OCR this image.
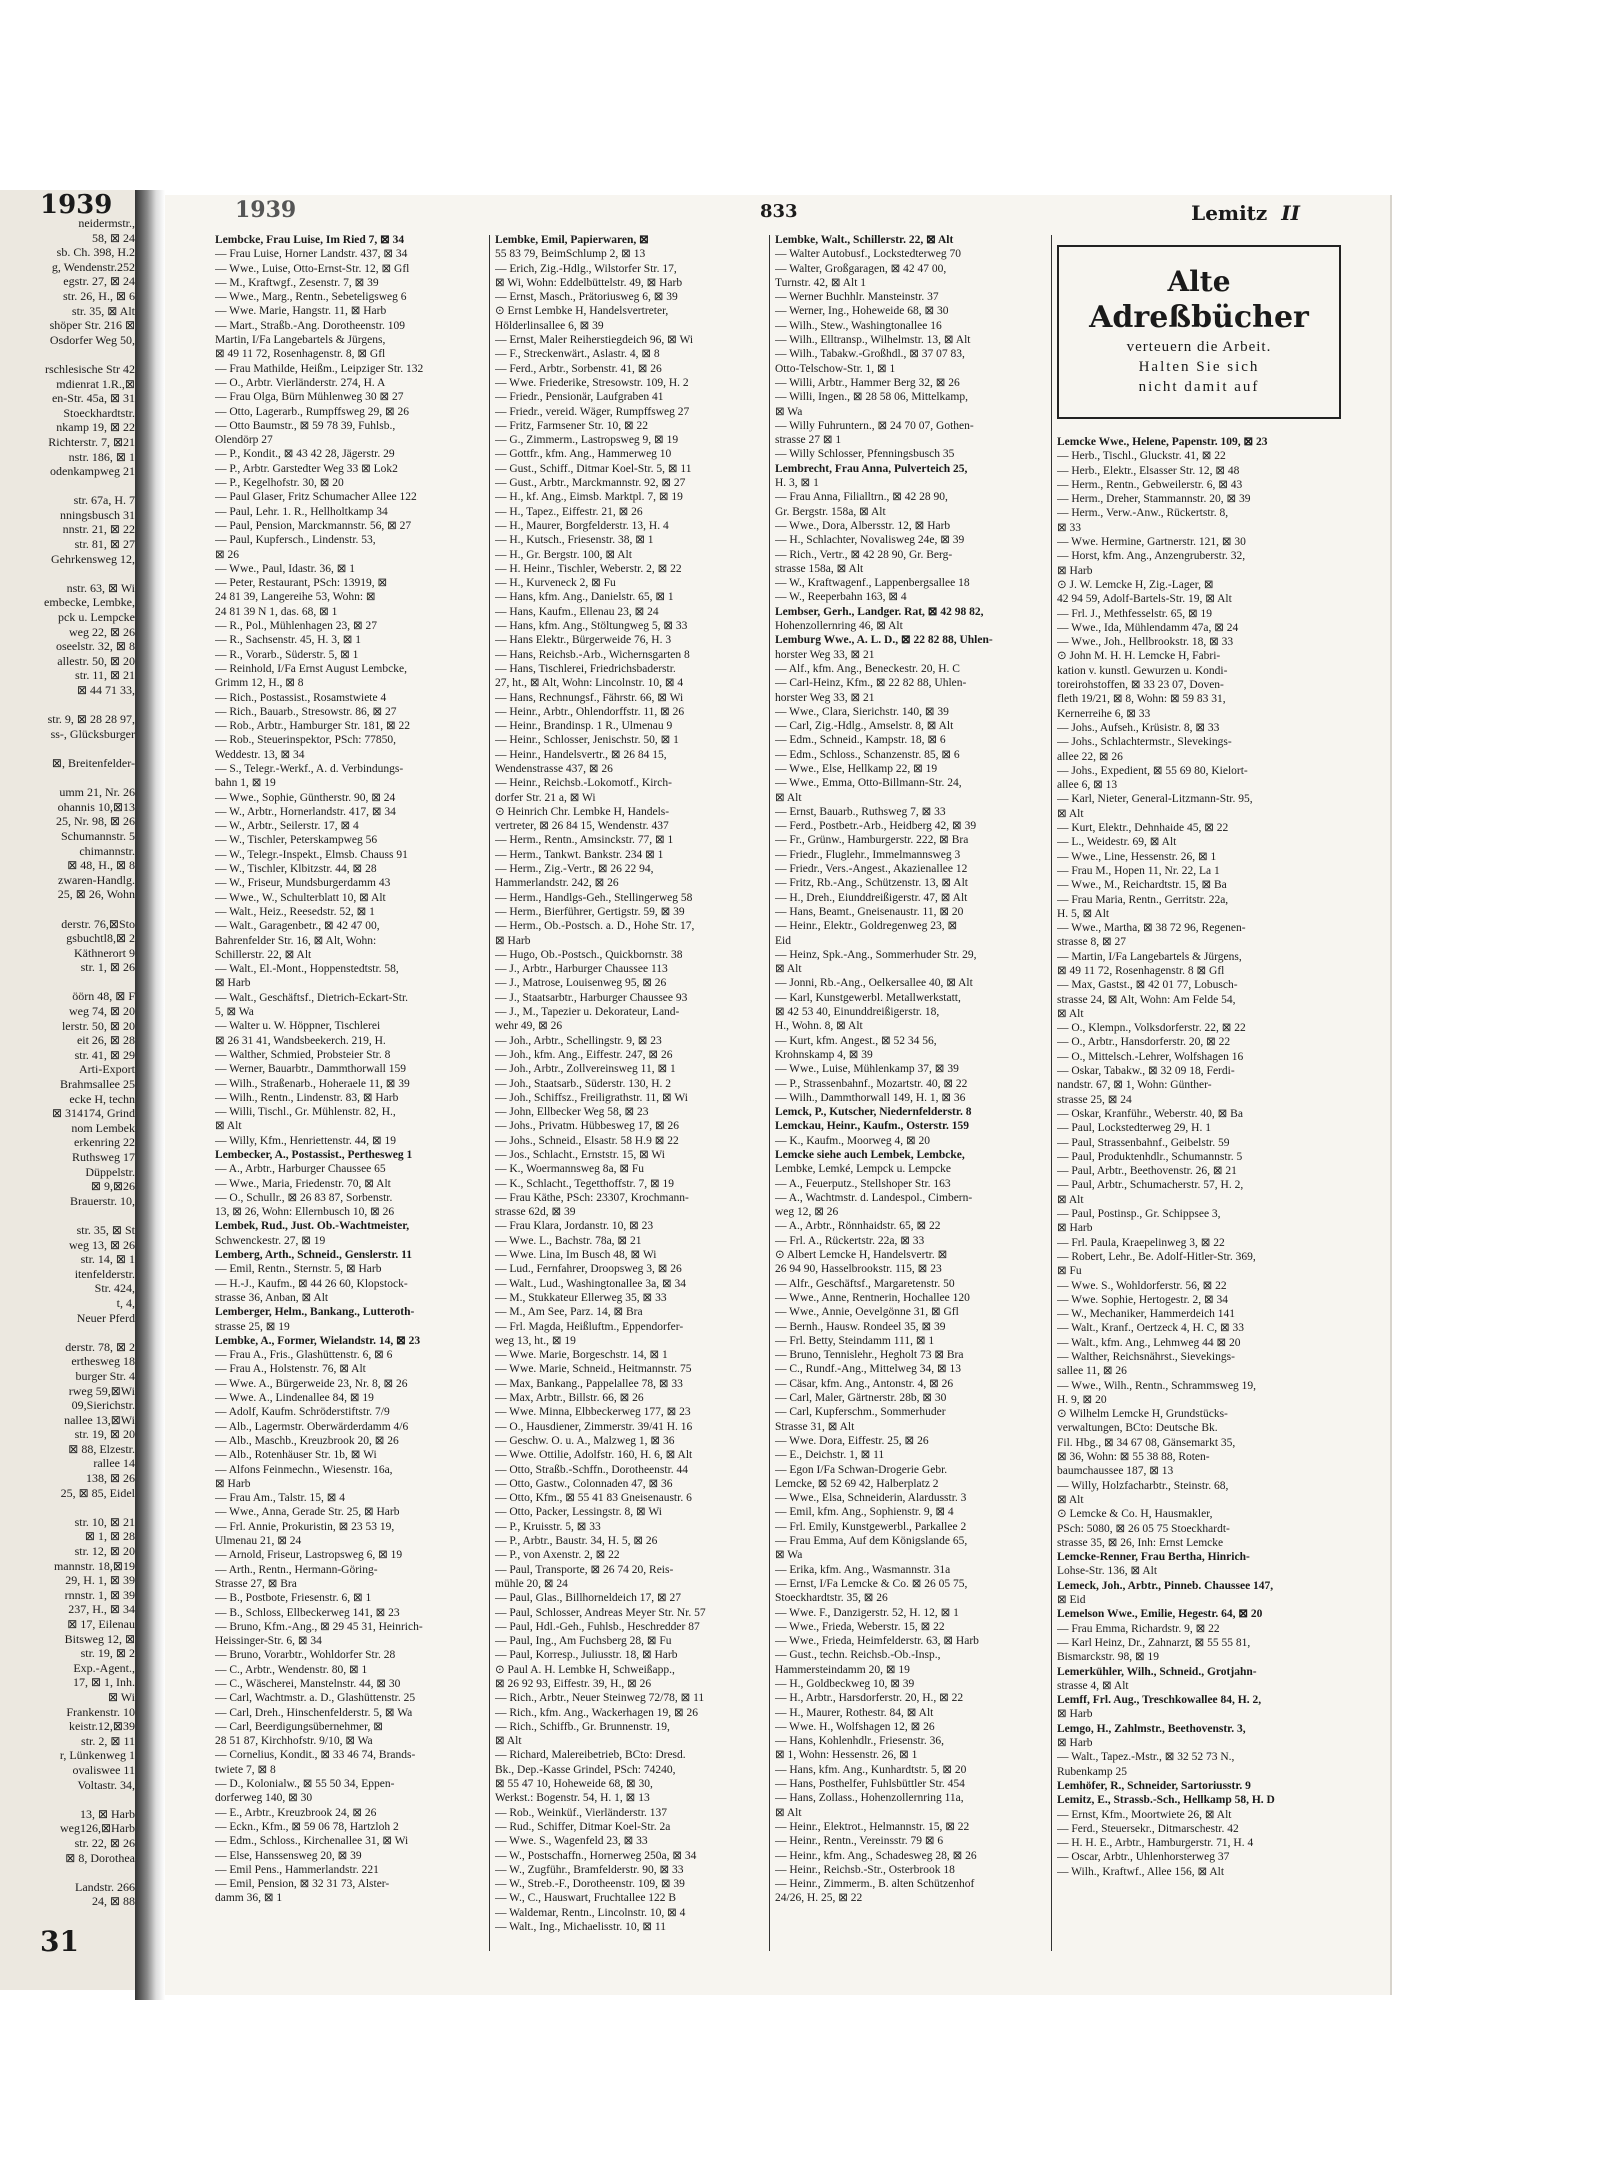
1939
neidermstr.,
58, ⊠ 24
sb. Ch. 398, H.2
g, Wendenstr.252
egstr. 27, ⊠ 24
str. 26, H., ⊠ 6
str. 35, ⊠ Alt
shöper Str. 216 ⊠
Osdorfer Weg 50,

rschlesische Str 42
mdienrat 1.R.,⊠
en-Str. 45a, ⊠ 31
Stoeckhardtstr.
nkamp 19, ⊠ 22
Richterstr. 7, ⊠21
nstr. 186, ⊠ 1
odenkampweg 21

str. 67a, H. 7
nningsbusch 31
nnstr. 21, ⊠ 22
str. 81, ⊠ 27
Gehrkensweg 12,

nstr. 63, ⊠ Wi
embecke, Lembke,
pck u. Lempcke
weg 22, ⊠ 26
oseelstr. 32, ⊠ 8
allestr. 50, ⊠ 20
str. 11, ⊠ 21
⊠ 44 71 33,

str. 9, ⊠ 28 28 97,
ss-, Glücksburger

⊠, Breitenfelder-

umm 21, Nr. 26
ohannis 10,⊠13
25, Nr. 98, ⊠ 26
Schumannstr. 5
chimannstr.
⊠ 48, H., ⊠ 8
zwaren-Handlg.
25, ⊠ 26, Wohn

derstr. 76,⊠Sto
gsbuchtl8,⊠ 2
Käthnerort 9
str. 1, ⊠ 26

öörn 48, ⊠ F
weg 74, ⊠ 20
lerstr. 50, ⊠ 20
eit 26, ⊠ 28
str. 41, ⊠ 29
Arti-Export
Brahmsallee 25
ecke H, techn
⊠ 314174, Grind
nom Lembek
erkenring 22
Ruthsweg 17
Düppelstr.
⊠ 9,⊠26
Brauerstr. 10,

str. 35, ⊠ St
weg 13, ⊠ 26
str. 14, ⊠ 1
itenfelderstr.
Str. 424,
t, 4,
Neuer Pferd

derstr. 78, ⊠ 2
erthesweg 18
burger Str. 4
rweg 59,⊠Wi
09,Sierichstr.
nallee 13,⊠Wi
str. 19, ⊠ 20
⊠ 88, Elzestr.
rallee 14
138, ⊠ 26
25, ⊠ 85, Eidel

str. 10, ⊠ 21
⊠ 1, ⊠ 28
str. 12, ⊠ 20
mannstr. 18,⊠19
29, H. 1, ⊠ 39
rnnstr. 1, ⊠ 39
237, H., ⊠ 34
⊠ 17, Eilenau
Bitsweg 12, ⊠
str. 19, ⊠ 2
Exp.-Agent.,
17, ⊠ 1, Inh.
⊠ Wi
Frankenstr. 10
keistr.12,⊠39
str. 2, ⊠ 11
r, Lünkenweg 1
ovaliswee 11
Voltastr. 34,

13, ⊠ Harb
weg126,⊠Harb
str. 22, ⊠ 26
⊠ 8, Dorothea

Landstr. 266
24, ⊠ 88
31
1939	833	Lemitz II
Lembcke, Frau Luise, Im Ried 7, ⊠ 34
— Frau Luise, Horner Landstr. 437, ⊠ 34
— Wwe., Luise, Otto-Ernst-Str. 12, ⊠ Gfl
— M., Kraftwgf., Zesenstr. 7, ⊠ 39
— Wwe., Marg., Rentn., Sebeteligsweg 6
— Wwe. Marie, Hangstr. 11, ⊠ Harb
— Mart., Straßb.-Ang. Dorotheenstr. 109
Martin, I/Fa Langebartels & Jürgens,
⊠ 49 11 72, Rosenhagenstr. 8, ⊠ Gfl
— Frau Mathilde, Heißm., Leipziger Str. 132
— O., Arbtr. Vierländerstr. 274, H. A
— Frau Olga, Bürn Mühlenweg 30 ⊠ 27
— Otto, Lagerarb., Rumpffsweg 29, ⊠ 26
— Otto Baumstr., ⊠ 59 78 39, Fuhlsb.,
Olendörp 27
— P., Kondit., ⊠ 43 42 28, Jägerstr. 29
— P., Arbtr. Garstedter Weg 33 ⊠ Lok2
— P., Kegelhofstr. 30, ⊠ 20
— Paul Glaser, Fritz Schumacher Allee 122
— Paul, Lehr. 1. R., Hellholtkamp 34
— Paul, Pension, Marckmannstr. 56, ⊠ 27
— Paul, Kupfersch., Lindenstr. 53,
⊠ 26
— Wwe., Paul, Idastr. 36, ⊠ 1
— Peter, Restaurant, PSch: 13919, ⊠
24 81 39, Langereihe 53, Wohn: ⊠
24 81 39 N 1, das. 68, ⊠ 1
— R., Pol., Mühlenhagen 23, ⊠ 27
— R., Sachsenstr. 45, H. 3, ⊠ 1
— R., Vorarb., Süderstr. 5, ⊠ 1
— Reinhold, I/Fa Ernst August Lembcke,
Grimm 12, H., ⊠ 8
— Rich., Postassist., Rosamstwiete 4
— Rich., Bauarb., Stresowstr. 86, ⊠ 27
— Rob., Arbtr., Hamburger Str. 181, ⊠ 22
— Rob., Steuerinspektor, PSch: 77850,
Weddestr. 13, ⊠ 34
— S., Telegr.-Werkf., A. d. Verbindungs-
bahn 1, ⊠ 19
— Wwe., Sophie, Güntherstr. 90, ⊠ 24
— W., Arbtr., Hornerlandstr. 417, ⊠ 34
— W., Arbtr., Seilerstr. 17, ⊠ 4
— W., Tischler, Peterskampweg 56
— W., Telegr.-Inspekt., Elmsb. Chauss 91
— W., Tischler, Klbitzstr. 44, ⊠ 28
— W., Friseur, Mundsburgerdamm 43
— Wwe., W., Schulterblatt 10, ⊠ Alt
— Walt., Heiz., Reesedstr. 52, ⊠ 1
— Walt., Garagenbetr., ⊠ 42 47 00,
Bahrenfelder Str. 16, ⊠ Alt, Wohn:
Schillerstr. 22, ⊠ Alt
— Walt., El.-Mont., Hoppenstedtstr. 58,
⊠ Harb
— Walt., Geschäftsf., Dietrich-Eckart-Str.
5, ⊠ Wa
— Walter u. W. Höppner, Tischlerei
⊠ 26 31 41, Wandsbeekerch. 219, H.
— Walther, Schmied, Probsteier Str. 8
— Werner, Bauarbtr., Dammthorwall 159
— Wilh., Straßenarb., Hoheraele 11, ⊠ 39
— Wilh., Rentn., Lindenstr. 83, ⊠ Harb
— Willi, Tischl., Gr. Mühlenstr. 82, H.,
⊠ Alt
— Willy, Kfm., Henriettenstr. 44, ⊠ 19
Lembecker, A., Postassist., Perthesweg 1
— A., Arbtr., Harburger Chaussee 65
— Wwe., Maria, Friedenstr. 70, ⊠ Alt
— O., Schullr., ⊠ 26 83 87, Sorbenstr.
13, ⊠ 26, Wohn: Ellernbusch 10, ⊠ 26
Lembek, Rud., Just. Ob.-Wachtmeister,
Schwenckestr. 27, ⊠ 19
Lemberg, Arth., Schneid., Genslerstr. 11
— Emil, Rentn., Sternstr. 5, ⊠ Harb
— H.-J., Kaufm., ⊠ 44 26 60, Klopstock-
strasse 36, Anban, ⊠ Alt
Lemberger, Helm., Bankang., Lutteroth-
strasse 25, ⊠ 19
Lembke, A., Former, Wielandstr. 14, ⊠ 23
— Frau A., Fris., Glashüttenstr. 6, ⊠ 6
— Frau A., Holstenstr. 76, ⊠ Alt
— Wwe. A., Bürgerweide 23, Nr. 8, ⊠ 26
— Wwe. A., Lindenallee 84, ⊠ 19
— Adolf, Kaufm. Schröderstiftstr. 7/9
— Alb., Lagermstr. Oberwärderdamm 4/6
— Alb., Maschb., Kreuzbrook 20, ⊠ 26
— Alb., Rotenhäuser Str. 1b, ⊠ Wi
— Alfons Feinmechn., Wiesenstr. 16a,
⊠ Harb
— Frau Am., Talstr. 15, ⊠ 4
— Wwe., Anna, Gerade Str. 25, ⊠ Harb
— Frl. Annie, Prokuristin, ⊠ 23 53 19,
Ulmenau 21, ⊠ 24
— Arnold, Friseur, Lastropsweg 6, ⊠ 19
— Arth., Rentn., Hermann-Göring-
Strasse 27, ⊠ Bra
— B., Postbote, Friesenstr. 6, ⊠ 1
— B., Schloss, Ellbeckerweg 141, ⊠ 23
— Bruno, Kfm.-Ang., ⊠ 29 45 31, Heinrich-
Heissinger-Str. 6, ⊠ 34
— Bruno, Vorarbtr., Wohldorfer Str. 28
— C., Arbtr., Wendenstr. 80, ⊠ 1
— C., Wäscherei, Manstelnstr. 44, ⊠ 30
— Carl, Wachtmstr. a. D., Glashüttenstr. 25
— Carl, Dreh., Hinschenfelderstr. 5, ⊠ Wa
— Carl, Beerdigungsübernehmer, ⊠
28 51 87, Kirchhofstr. 9/10, ⊠ Wa
— Cornelius, Kondit., ⊠ 33 46 74, Brands-
twiete 7, ⊠ 8
— D., Kolonialw., ⊠ 55 50 34, Eppen-
dorferweg 140, ⊠ 30
— E., Arbtr., Kreuzbrook 24, ⊠ 26
— Eckn., Kfm., ⊠ 59 06 78, Hartzloh 2
— Edm., Schloss., Kirchenallee 31, ⊠ Wi
— Else, Hanssensweg 20, ⊠ 39
— Emil Pens., Hammerlandstr. 221
— Emil, Pension, ⊠ 32 31 73, Alster-
damm 36, ⊠ 1
Lembke, Emil, Papierwaren, ⊠
55 83 79, BeimSchlump 2, ⊠ 13
— Erich, Zig.-Hdlg., Wilstorfer Str. 17,
⊠ Wi, Wohn: Eddelbüttelstr. 49, ⊠ Harb
— Ernst, Masch., Prätoriusweg 6, ⊠ 39
⊙ Ernst Lembke H, Handelsvertreter,
Hölderlinsallee 6, ⊠ 39
— Ernst, Maler Reiherstiegdeich 96, ⊠ Wi
— F., Streckenwärt., Aslastr. 4, ⊠ 8
— Ferd., Arbtr., Sorbenstr. 41, ⊠ 26
— Wwe. Friederike, Stresowstr. 109, H. 2
— Friedr., Pensionär, Laufgraben 41
— Friedr., vereid. Wäger, Rumpffsweg 27
— Fritz, Farmsener Str. 10, ⊠ 22
— G., Zimmerm., Lastropsweg 9, ⊠ 19
— Gottfr., kfm. Ang., Hammerweg 10
— Gust., Schiff., Ditmar Koel-Str. 5, ⊠ 11
— Gust., Arbtr., Marckmannstr. 92, ⊠ 27
— H., kf. Ang., Eimsb. Marktpl. 7, ⊠ 19
— H., Tapez., Eiffestr. 21, ⊠ 26
— H., Maurer, Borgfelderstr. 13, H. 4
— H., Kutsch., Friesenstr. 38, ⊠ 1
— H., Gr. Bergstr. 100, ⊠ Alt
— H. Heinr., Tischler, Weberstr. 2, ⊠ 22
— H., Kurveneck 2, ⊠ Fu
— Hans, kfm. Ang., Danielstr. 65, ⊠ 1
— Hans, Kaufm., Ellenau 23, ⊠ 24
— Hans, kfm. Ang., Stöltungweg 5, ⊠ 33
— Hans Elektr., Bürgerweide 76, H. 3
— Hans, Reichsb.-Arb., Wichernsgarten 8
— Hans, Tischlerei, Friedrichsbaderstr.
27, ht., ⊠ Alt, Wohn: Lincolnstr. 10, ⊠ 4
— Hans, Rechnungsf., Fährstr. 66, ⊠ Wi
— Heinr., Arbtr., Ohlendorffstr. 11, ⊠ 26
— Heinr., Brandinsp. 1 R., Ulmenau 9
— Heinr., Schlosser, Jenischstr. 50, ⊠ 1
— Heinr., Handelsvertr., ⊠ 26 84 15,
Wendenstrasse 437, ⊠ 26
— Heinr., Reichsb.-Lokomotf., Kirch-
dorfer Str. 21 a, ⊠ Wi
⊙ Heinrich Chr. Lembke H, Handels-
vertreter, ⊠ 26 84 15, Wendenstr. 437
— Herm., Rentn., Amsinckstr. 77, ⊠ 1
— Herm., Tankwt. Bankstr. 234 ⊠ 1
— Herm., Zig.-Vertr., ⊠ 26 22 94,
Hammerlandstr. 242, ⊠ 26
— Herm., Handlgs-Geh., Stellingerweg 58
— Herm., Bierführer, Gertigstr. 59, ⊠ 39
— Herm., Ob.-Postsch. a. D., Hohe Str. 17,
⊠ Harb
— Hugo, Ob.-Postsch., Quickbornstr. 38
— J., Arbtr., Harburger Chaussee 113
— J., Matrose, Louisenweg 95, ⊠ 26
— J., Staatsarbtr., Harburger Chaussee 93
— J., M., Tapezier u. Dekorateur, Land-
wehr 49, ⊠ 26
— Joh., Arbtr., Schellingstr. 9, ⊠ 23
— Joh., kfm. Ang., Eiffestr. 247, ⊠ 26
— Joh., Arbtr., Zollvereinsweg 11, ⊠ 1
— Joh., Staatsarb., Süderstr. 130, H. 2
— Joh., Schiffsz., Freiligrathstr. 11, ⊠ Wi
— John, Ellbecker Weg 58, ⊠ 23
— Johs., Privatm. Hübbesweg 17, ⊠ 26
— Johs., Schneid., Elsastr. 58 H.9 ⊠ 22
— Jos., Schlacht., Ernststr. 15, ⊠ Wi
— K., Woermannsweg 8a, ⊠ Fu
— K., Schlacht., Tegetthoffstr. 7, ⊠ 19
— Frau Käthe, PSch: 23307, Krochmann-
strasse 62d, ⊠ 39
— Frau Klara, Jordanstr. 10, ⊠ 23
— Wwe. L., Bachstr. 78a, ⊠ 21
— Wwe. Lina, Im Busch 48, ⊠ Wi
— Lud., Fernfahrer, Droopsweg 3, ⊠ 26
— Walt., Lud., Washingtonallee 3a, ⊠ 34
— M., Stukkateur Ellerweg 35, ⊠ 33
— M., Am See, Parz. 14, ⊠ Bra
— Frl. Magda, Heißluftm., Eppendorfer-
weg 13, ht., ⊠ 19
— Wwe. Marie, Borgeschstr. 14, ⊠ 1
— Wwe. Marie, Schneid., Heitmannstr. 75
— Max, Bankang., Pappelallee 78, ⊠ 33
— Max, Arbtr., Billstr. 66, ⊠ 26
— Wwe. Minna, Elbbeckerweg 177, ⊠ 23
— O., Hausdiener, Zimmerstr. 39/41 H. 16
— Geschw. O. u. A., Malzweg 1, ⊠ 36
— Wwe. Ottilie, Adolfstr. 160, H. 6, ⊠ Alt
— Otto, Straßb.-Schffn., Dorotheenstr. 44
— Otto, Gastw., Colonnaden 47, ⊠ 36
— Otto, Kfm., ⊠ 55 41 83 Gneisenaustr. 6
— Otto, Packer, Lessingstr. 8, ⊠ Wi
— P., Kruisstr. 5, ⊠ 33
— P., Arbtr., Baustr. 34, H. 5, ⊠ 26
— P., von Axenstr. 2, ⊠ 22
— Paul, Transporte, ⊠ 26 74 20, Reis-
mühle 20, ⊠ 24
— Paul, Glas., Billhorneldeich 17, ⊠ 27
— Paul, Schlosser, Andreas Meyer Str. Nr. 57
— Paul, Hdl.-Geh., Fuhlsb., Heschredder 87
— Paul, Ing., Am Fuchsberg 28, ⊠ Fu
— Paul, Korresp., Juliusstr. 18, ⊠ Harb
⊙ Paul A. H. Lembke H, Schweißapp.,
⊠ 26 92 93, Eiffestr. 39, H., ⊠ 26
— Rich., Arbtr., Neuer Steinweg 72/78, ⊠ 11
— Rich., kfm. Ang., Wackerhagen 19, ⊠ 26
— Rich., Schiffb., Gr. Brunnenstr. 19,
⊠ Alt
— Richard, Malereibetrieb, BCto: Dresd.
Bk., Dep.-Kasse Grindel, PSch: 74240,
⊠ 55 47 10, Hoheweide 68, ⊠ 30,
Werkst.: Bogenstr. 54, H. 1, ⊠ 13
— Rob., Weinküf., Vierländerstr. 137
— Rud., Schiffer, Ditmar Koel-Str. 2a
— Wwe. S., Wagenfeld 23, ⊠ 33
— W., Postschaffn., Hornerweg 250a, ⊠ 34
— W., Zugführ., Bramfelderstr. 90, ⊠ 33
— W., Streb.-F., Dorotheenstr. 109, ⊠ 39
— W., C., Hauswart, Fruchtallee 122 B
— Waldemar, Rentn., Lincolnstr. 10, ⊠ 4
— Walt., Ing., Michaelisstr. 10, ⊠ 11
Lembke, Walt., Schillerstr. 22, ⊠ Alt
— Walter Autobusf., Lockstedterweg 70
— Walter, Großgaragen, ⊠ 42 47 00,
Turnstr. 42, ⊠ Alt 1
— Werner Buchhlr. Mansteinstr. 37
— Werner, Ing., Hoheweide 68, ⊠ 30
— Wilh., Stew., Washingtonallee 16
— Wilh., Elltransp., Wilhelmstr. 13, ⊠ Alt
— Wilh., Tabakw.-Großhdl., ⊠ 37 07 83,
Otto-Telschow-Str. 1, ⊠ 1
— Willi, Arbtr., Hammer Berg 32, ⊠ 26
— Willi, Ingen., ⊠ 28 58 06, Mittelkamp,
⊠ Wa
— Willy Fuhruntern., ⊠ 24 70 07, Gothen-
strasse 27 ⊠ 1
— Willy Schlosser, Pfenningsbusch 35
Lembrecht, Frau Anna, Pulverteich 25,
H. 3, ⊠ 1
— Frau Anna, Filialltrn., ⊠ 42 28 90,
Gr. Bergstr. 158a, ⊠ Alt
— Wwe., Dora, Albersstr. 12, ⊠ Harb
— H., Schlachter, Novalisweg 24e, ⊠ 39
— Rich., Vertr., ⊠ 42 28 90, Gr. Berg-
strasse 158a, ⊠ Alt
— W., Kraftwagenf., Lappenbergsallee 18
— W., Reeperbahn 163, ⊠ 4
Lembser, Gerh., Landger. Rat, ⊠ 42 98 82,
Hohenzollernring 46, ⊠ Alt
Lemburg Wwe., A. L. D., ⊠ 22 82 88, Uhlen-
horster Weg 33, ⊠ 21
— Alf., kfm. Ang., Beneckestr. 20, H. C
— Carl-Heinz, Kfm., ⊠ 22 82 88, Uhlen-
horster Weg 33, ⊠ 21
— Wwe., Clara, Sierichstr. 140, ⊠ 39
— Carl, Zig.-Hdlg., Amselstr. 8, ⊠ Alt
— Edm., Schneid., Kampstr. 18, ⊠ 6
— Edm., Schloss., Schanzenstr. 85, ⊠ 6
— Wwe., Else, Hellkamp 22, ⊠ 19
— Wwe., Emma, Otto-Billmann-Str. 24,
⊠ Alt
— Ernst, Bauarb., Ruthsweg 7, ⊠ 33
— Ferd., Postbetr.-Arb., Heidberg 42, ⊠ 39
— Fr., Grünw., Hamburgerstr. 222, ⊠ Bra
— Friedr., Fluglehr., Immelmannsweg 3
— Friedr., Vers.-Angest., Akazienallee 12
— Fritz, Rb.-Ang., Schützenstr. 13, ⊠ Alt
— H., Dreh., Eiunddreißigerstr. 47, ⊠ Alt
— Hans, Beamt., Gneisenaustr. 11, ⊠ 20
— Heinr., Elektr., Goldregenweg 23, ⊠
Eid
— Heinz, Spk.-Ang., Sommerhuder Str. 29,
⊠ Alt
— Jonni, Rb.-Ang., Oelkersallee 40, ⊠ Alt
— Karl, Kunstgewerbl. Metallwerkstatt,
⊠ 42 53 40, Einunddreißigerstr. 18,
H., Wohn. 8, ⊠ Alt
— Kurt, kfm. Angest., ⊠ 52 34 56,
Krohnskamp 4, ⊠ 39
— Wwe., Luise, Mühlenkamp 37, ⊠ 39
— P., Strassenbahnf., Mozartstr. 40, ⊠ 22
— Wilh., Dammthorwall 149, H. 1, ⊠ 36
Lemck, P., Kutscher, Niedernfelderstr. 8
Lemckau, Heinr., Kaufm., Osterstr. 159
— K., Kaufm., Moorweg 4, ⊠ 20
Lemcke siehe auch Lembek, Lembcke,
Lembke, Lemké, Lempck u. Lempcke
— A., Feuerputz., Stellshoper Str. 163
— A., Wachtmstr. d. Landespol., Cimbern-
weg 12, ⊠ 26
— A., Arbtr., Rönnhaidstr. 65, ⊠ 22
— Frl. A., Rückertstr. 22a, ⊠ 33
⊙ Albert Lemcke H, Handelsvertr. ⊠
26 94 90, Hasselbrookstr. 115, ⊠ 23
— Alfr., Geschäftsf., Margaretenstr. 50
— Wwe., Anne, Rentnerin, Hochallee 120
— Wwe., Annie, Oevelgönne 31, ⊠ Gfl
— Bernh., Hausw. Rondeel 35, ⊠ 39
— Frl. Betty, Steindamm 111, ⊠ 1
— Bruno, Tennislehr., Hegholt 73 ⊠ Bra
— C., Rundf.-Ang., Mittelweg 34, ⊠ 13
— Cäsar, kfm. Ang., Antonstr. 4, ⊠ 26
— Carl, Maler, Gärtnerstr. 28b, ⊠ 30
— Carl, Kupferschm., Sommerhuder
Strasse 31, ⊠ Alt
— Wwe. Dora, Eiffestr. 25, ⊠ 26
— E., Deichstr. 1, ⊠ 11
— Egon I/Fa Schwan-Drogerie Gebr.
Lemcke, ⊠ 52 69 42, Halberplatz 2
— Wwe., Elsa, Schneiderin, Alardusstr. 3
— Emil, kfm. Ang., Sophienstr. 9, ⊠ 4
— Frl. Emily, Kunstgewerbl., Parkallee 2
— Frau Emma, Auf dem Königslande 65,
⊠ Wa
— Erika, kfm. Ang., Wasmannstr. 31a
— Ernst, I/Fa Lemcke & Co. ⊠ 26 05 75,
Stoeckhardtstr. 35, ⊠ 26
— Wwe. F., Danzigerstr. 52, H. 12, ⊠ 1
— Wwe., Frieda, Weberstr. 15, ⊠ 22
— Wwe., Frieda, Heimfelderstr. 63, ⊠ Harb
— Gust., techn. Reichsb.-Ob.-Insp.,
Hammersteindamm 20, ⊠ 19
— H., Goldbeckweg 10, ⊠ 39
— H., Arbtr., Harsdorferstr. 20, H., ⊠ 22
— H., Maurer, Rothestr. 84, ⊠ Alt
— Wwe. H., Wolfshagen 12, ⊠ 26
— Hans, Kohlenhdlr., Friesenstr. 36,
⊠ 1, Wohn: Hessenstr. 26, ⊠ 1
— Hans, kfm. Ang., Kunhardtstr. 5, ⊠ 20
— Hans, Posthelfer, Fuhlsbüttler Str. 454
— Hans, Zollass., Hohenzollernring 11a,
⊠ Alt
— Heinr., Elektrot., Helmannstr. 15, ⊠ 22
— Heinr., Rentn., Vereinsstr. 79 ⊠ 6
— Heinr., kfm. Ang., Schadesweg 28, ⊠ 26
— Heinr., Reichsb.-Str., Osterbrook 18
— Heinr., Zimmerm., B. alten Schützenhof
24/26, H. 25, ⊠ 22
Alte
Adreßbücher
verteuern die Arbeit.
Halten Sie sich
nicht damit auf
Lemcke Wwe., Helene, Papenstr. 109, ⊠ 23
— Herb., Tischl., Gluckstr. 41, ⊠ 22
— Herb., Elektr., Elsasser Str. 12, ⊠ 48
— Herm., Rentn., Gebweilerstr. 6, ⊠ 43
— Herm., Dreher, Stammannstr. 20, ⊠ 39
— Herm., Verw.-Anw., Rückertstr. 8,
⊠ 33
— Wwe. Hermine, Gartnerstr. 121, ⊠ 30
— Horst, kfm. Ang., Anzengruberstr. 32,
⊠ Harb
⊙ J. W. Lemcke H, Zig.-Lager, ⊠
42 94 59, Adolf-Bartels-Str. 19, ⊠ Alt
— Frl. J., Methfesselstr. 65, ⊠ 19
— Wwe., Ida, Mühlendamm 47a, ⊠ 24
— Wwe., Joh., Hellbrookstr. 18, ⊠ 33
⊙ John M. H. H. Lemcke H, Fabri-
kation v. kunstl. Gewurzen u. Kondi-
toreirohstoffen, ⊠ 33 23 07, Doven-
fleth 19/21, ⊠ 8, Wohn: ⊠ 59 83 31,
Kernerreihe 6, ⊠ 33
— Johs., Aufseh., Krüsistr. 8, ⊠ 33
— Johs., Schlachtermstr., Slevekings-
allee 22, ⊠ 26
— Johs., Expedient, ⊠ 55 69 80, Kielort-
allee 6, ⊠ 13
— Karl, Nieter, General-Litzmann-Str. 95,
⊠ Alt
— Kurt, Elektr., Dehnhaide 45, ⊠ 22
— L., Weidestr. 69, ⊠ Alt
— Wwe., Line, Hessenstr. 26, ⊠ 1
— Frau M., Hopen 11, Nr. 22, La 1
— Wwe., M., Reichardtstr. 15, ⊠ Ba
— Frau Maria, Rentn., Gerritstr. 22a,
H. 5, ⊠ Alt
— Wwe., Martha, ⊠ 38 72 96, Regenen-
strasse 8, ⊠ 27
— Martin, I/Fa Langebartels & Jürgens,
⊠ 49 11 72, Rosenhagenstr. 8 ⊠ Gfl
— Max, Gastst., ⊠ 42 01 77, Lobusch-
strasse 24, ⊠ Alt, Wohn: Am Felde 54,
⊠ Alt
— O., Klempn., Volksdorferstr. 22, ⊠ 22
— O., Arbtr., Hansdorferstr. 20, ⊠ 22
— O., Mittelsch.-Lehrer, Wolfshagen 16
— Oskar, Tabakw., ⊠ 32 09 18, Ferdi-
nandstr. 67, ⊠ 1, Wohn: Günther-
strasse 25, ⊠ 24
— Oskar, Kranführ., Weberstr. 40, ⊠ Ba
— Paul, Lockstedterweg 29, H. 1
— Paul, Strassenbahnf., Geibelstr. 59
— Paul, Produktenhdlr., Schumannstr. 5
— Paul, Arbtr., Beethovenstr. 26, ⊠ 21
— Paul, Arbtr., Schumacherstr. 57, H. 2,
⊠ Alt
— Paul, Postinsp., Gr. Schippsee 3,
⊠ Harb
— Frl. Paula, Kraepelinweg 3, ⊠ 22
— Robert, Lehr., Be. Adolf-Hitler-Str. 369,
⊠ Fu
— Wwe. S., Wohldorferstr. 56, ⊠ 22
— Wwe. Sophie, Hertogestr. 2, ⊠ 34
— W., Mechaniker, Hammerdeich 141
— Walt., Kranf., Oertzeck 4, H. C, ⊠ 33
— Walt., kfm. Ang., Lehmweg 44 ⊠ 20
— Walther, Reichsnährst., Sievekings-
sallee 11, ⊠ 26
— Wwe., Wilh., Rentn., Schrammsweg 19,
H. 9, ⊠ 20
⊙ Wilhelm Lemcke H, Grundstücks-
verwaltungen, BCto: Deutsche Bk.
Fil. Hbg., ⊠ 34 67 08, Gänsemarkt 35,
⊠ 36, Wohn: ⊠ 55 38 88, Roten-
baumchaussee 187, ⊠ 13
— Willy, Holzfacharbtr., Steinstr. 68,
⊠ Alt
⊙ Lemcke & Co. H, Hausmakler,
PSch: 5080, ⊠ 26 05 75 Stoeckhardt-
strasse 35, ⊠ 26, Inh: Ernst Lemcke
Lemcke-Renner, Frau Bertha, Hinrich-
Lohse-Str. 136, ⊠ Alt
Lemeck, Joh., Arbtr., Pinneb. Chaussee 147,
⊠ Eid
Lemelson Wwe., Emilie, Hegestr. 64, ⊠ 20
— Frau Emma, Richardstr. 9, ⊠ 22
— Karl Heinz, Dr., Zahnarzt, ⊠ 55 55 81,
Bismarckstr. 98, ⊠ 19
Lemerkühler, Wilh., Schneid., Grotjahn-
strasse 4, ⊠ Alt
Lemff, Frl. Aug., Treschkowallee 84, H. 2,
⊠ Harb
Lemgo, H., Zahlmstr., Beethovenstr. 3,
⊠ Harb
— Walt., Tapez.-Mstr., ⊠ 32 52 73 N.,
Rubenkamp 25
Lemhöfer, R., Schneider, Sartoriusstr. 9
Lemitz, E., Strassb.-Sch., Hellkamp 58, H. D
— Ernst, Kfm., Moortwiete 26, ⊠ Alt
— Ferd., Steuersekr., Ditmarschestr. 42
— H. H. E., Arbtr., Hamburgerstr. 71, H. 4
— Oscar, Arbtr., Uhlenhorsterweg 37
— Wilh., Kraftwf., Allee 156, ⊠ Alt
